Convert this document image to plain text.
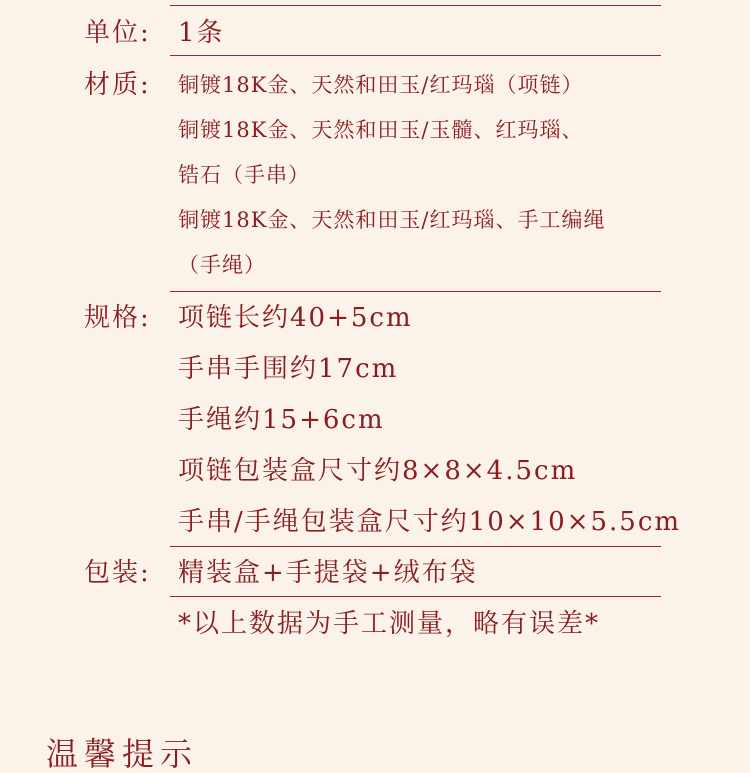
单位: 1条
材质: 铜镀18K金、天然和田玉/红玛瑙（项链）
铜镀18K金、天然和田玉/玉髓、红玛瑙、
锆石（手串）
铜镀18K金、天然和田玉/红玛瑙、手工编绳
（手绳）
规格: 项链长约40+5cm
手串手围约17cm
手绳约15+6cm
项链包装盒尺寸约8×8×4.5cm
手串/手绳包装盒尺寸约10×10×5.5cm
包装: 精装盒+手提袋+绒布袋
*以上数据为手工测量，略有误差*
温馨提示
